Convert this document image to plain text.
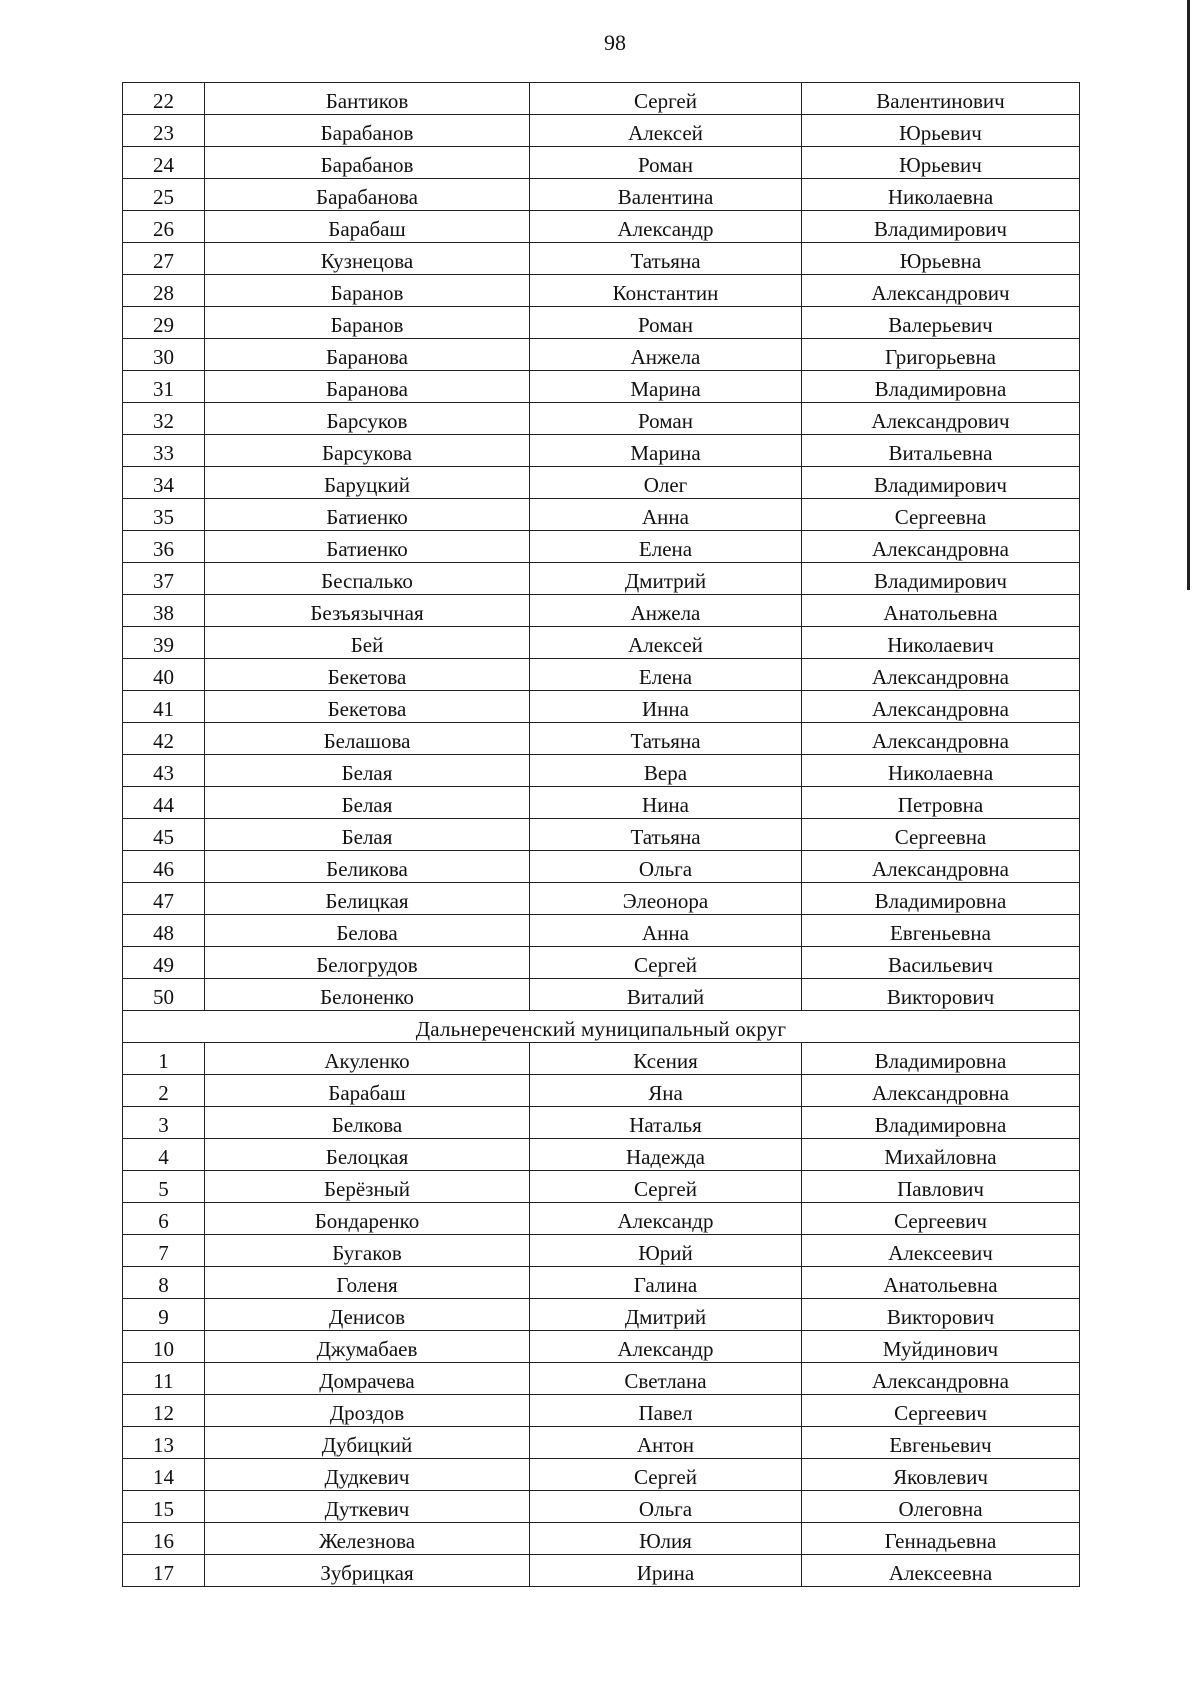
98
22	Бантиков	Сергей	Валентинович
23	Барабанов	Алексей	Юрьевич
24	Барабанов	Роман	Юрьевич
25	Барабанова	Валентина	Николаевна
26	Барабаш	Александр	Владимирович
27	Кузнецова	Татьяна	Юрьевна
28	Баранов	Константин	Александрович
29	Баранов	Роман	Валерьевич
30	Баранова	Анжела	Григорьевна
31	Баранова	Марина	Владимировна
32	Барсуков	Роман	Александрович
33	Барсукова	Марина	Витальевна
34	Баруцкий	Олег	Владимирович
35	Батиенко	Анна	Сергеевна
36	Батиенко	Елена	Александровна
37	Беспалько	Дмитрий	Владимирович
38	Безъязычная	Анжела	Анатольевна
39	Бей	Алексей	Николаевич
40	Бекетова	Елена	Александровна
41	Бекетова	Инна	Александровна
42	Белашова	Татьяна	Александровна
43	Белая	Вера	Николаевна
44	Белая	Нина	Петровна
45	Белая	Татьяна	Сергеевна
46	Беликова	Ольга	Александровна
47	Белицкая	Элеонора	Владимировна
48	Белова	Анна	Евгеньевна
49	Белогрудов	Сергей	Васильевич
50	Белоненко	Виталий	Викторович
Дальнереченский муниципальный округ			
1	Акуленко	Ксения	Владимировна
2	Барабаш	Яна	Александровна
3	Белкова	Наталья	Владимировна
4	Белоцкая	Надежда	Михайловна
5	Берёзный	Сергей	Павлович
6	Бондаренко	Александр	Сергеевич
7	Бугаков	Юрий	Алексеевич
8	Голеня	Галина	Анатольевна
9	Денисов	Дмитрий	Викторович
10	Джумабаев	Александр	Муйдинович
11	Домрачева	Светлана	Александровна
12	Дроздов	Павел	Сергеевич
13	Дубицкий	Антон	Евгеньевич
14	Дудкевич	Сергей	Яковлевич
15	Дуткевич	Ольга	Олеговна
16	Железнова	Юлия	Геннадьевна
17	Зубрицкая	Ирина	Алексеевна
